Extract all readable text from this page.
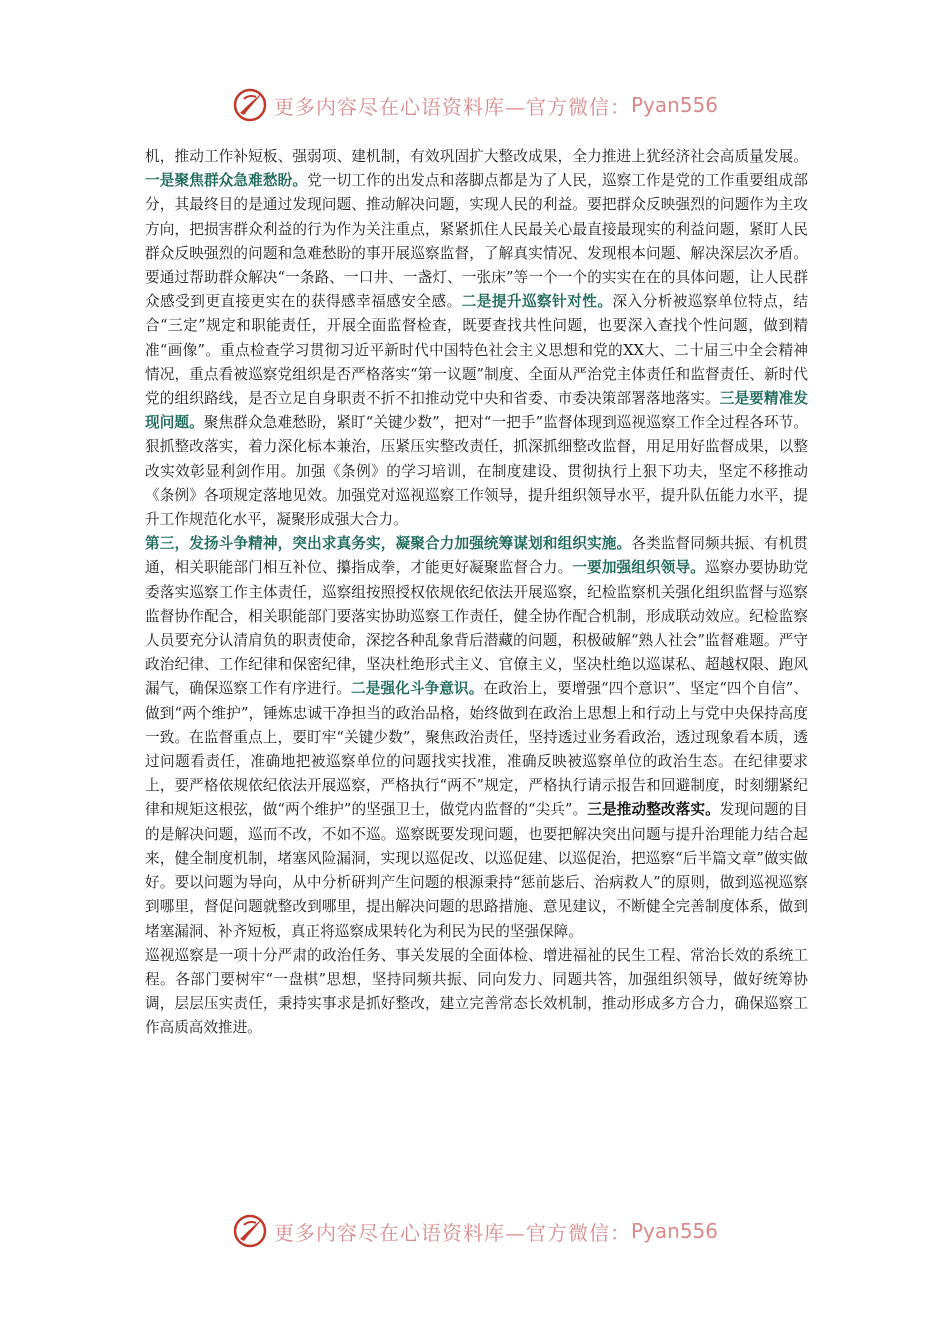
更多内容尽在心语资料库—官方微信： Pyan556

机，推动工作补短板、强弱项、建机制，有效巩固扩大整改成果，全力推进上犹经济社会高质量发展。一是聚焦群众急难愁盼。党一切工作的出发点和落脚点都是为了人民，巡察工作是党的工作重要组成部分，其最终目的是通过发现问题、推动解决问题，实现人民的利益。要把群众反映强烈的问题作为主攻方向，把损害群众利益的行为作为关注重点，紧紧抓住人民最关心最直接最现实的利益问题，紧盯人民群众反映强烈的问题和急难愁盼的事开展巡察监督，了解真实情况、发现根本问题、解决深层次矛盾。要通过帮助群众解决“一条路、一口井、一盏灯、一张床”等一个一个的实实在在的具体问题，让人民群众感受到更直接更实在的获得感幸福感安全感。二是提升巡察针对性。深入分析被巡察单位特点，结合“三定”规定和职能责任，开展全面监督检查，既要查找共性问题，也要深入查找个性问题，做到精准“画像”。重点检查学习贯彻习近平新时代中国特色社会主义思想和党的XX大、二十届三中全会精神情况，重点看被巡察党组织是否严格落实“第一议题”制度、全面从严治党主体责任和监督责任、新时代党的组织路线，是否立足自身职责不折不扣推动党中央和省委、市委决策部署落地落实。三是要精准发现问题。聚焦群众急难愁盼，紧盯“关键少数”，把对“一把手”监督体现到巡视巡察工作全过程各环节。狠抓整改落实，着力深化标本兼治，压紧压实整改责任，抓深抓细整改监督，用足用好监督成果，以整改实效彰显利剑作用。加强《条例》的学习培训，在制度建设、贯彻执行上狠下功夫，坚定不移推动《条例》各项规定落地见效。加强党对巡视巡察工作领导，提升组织领导水平，提升队伍能力水平，提升工作规范化水平，凝聚形成强大合力。

第三，发扬斗争精神，突出求真务实，凝聚合力加强统筹谋划和组织实施。各类监督同频共振、有机贯通，相关职能部门相互补位、攥指成拳，才能更好凝聚监督合力。一要加强组织领导。巡察办要协助党委落实巡察工作主体责任，巡察组按照授权依规依纪依法开展巡察，纪检监察机关强化组织监督与巡察监督协作配合，相关职能部门要落实协助巡察工作责任，健全协作配合机制，形成联动效应。纪检监察人员要充分认清肩负的职责使命，深挖各种乱象背后潜藏的问题，积极破解“熟人社会”监督难题。严守政治纪律、工作纪律和保密纪律，坚决杜绝形式主义、官僚主义，坚决杜绝以巡谋私、超越权限、跑风漏气，确保巡察工作有序进行。二是强化斗争意识。在政治上，要增强“四个意识”、坚定“四个自信”、做到“两个维护”，锤炼忠诚干净担当的政治品格，始终做到在政治上思想上和行动上与党中央保持高度一致。在监督重点上，要盯牢“关键少数”，聚焦政治责任，坚持透过业务看政治，透过现象看本质，透过问题看责任，准确地把被巡察单位的问题找实找准，准确反映被巡察单位的政治生态。在纪律要求上，要严格依规依纪依法开展巡察，严格执行“两不”规定，严格执行请示报告和回避制度，时刻绷紧纪律和规矩这根弦，做“两个维护”的坚强卫士，做党内监督的“尖兵”。三是推动整改落实。发现问题的目的是解决问题，巡而不改，不如不巡。巡察既要发现问题，也要把解决突出问题与提升治理能力结合起来，健全制度机制，堵塞风险漏洞，实现以巡促改、以巡促建、以巡促治，把巡察“后半篇文章”做实做好。要以问题为导向，从中分析研判产生问题的根源秉持“惩前毖后、治病救人”的原则，做到巡视巡察到哪里，督促问题就整改到哪里，提出解决问题的思路措施、意见建议，不断健全完善制度体系，做到堵塞漏洞、补齐短板，真正将巡察成果转化为利民为民的坚强保障。

巡视巡察是一项十分严肃的政治任务、事关发展的全面体检、增进福祉的民生工程、常治长效的系统工程。各部门要树牢“一盘棋”思想，坚持同频共振、同向发力、同题共答，加强组织领导，做好统筹协调，层层压实责任，秉持实事求是抓好整改，建立完善常态长效机制，推动形成多方合力，确保巡察工作高质高效推进。

更多内容尽在心语资料库—官方微信： Pyan556
